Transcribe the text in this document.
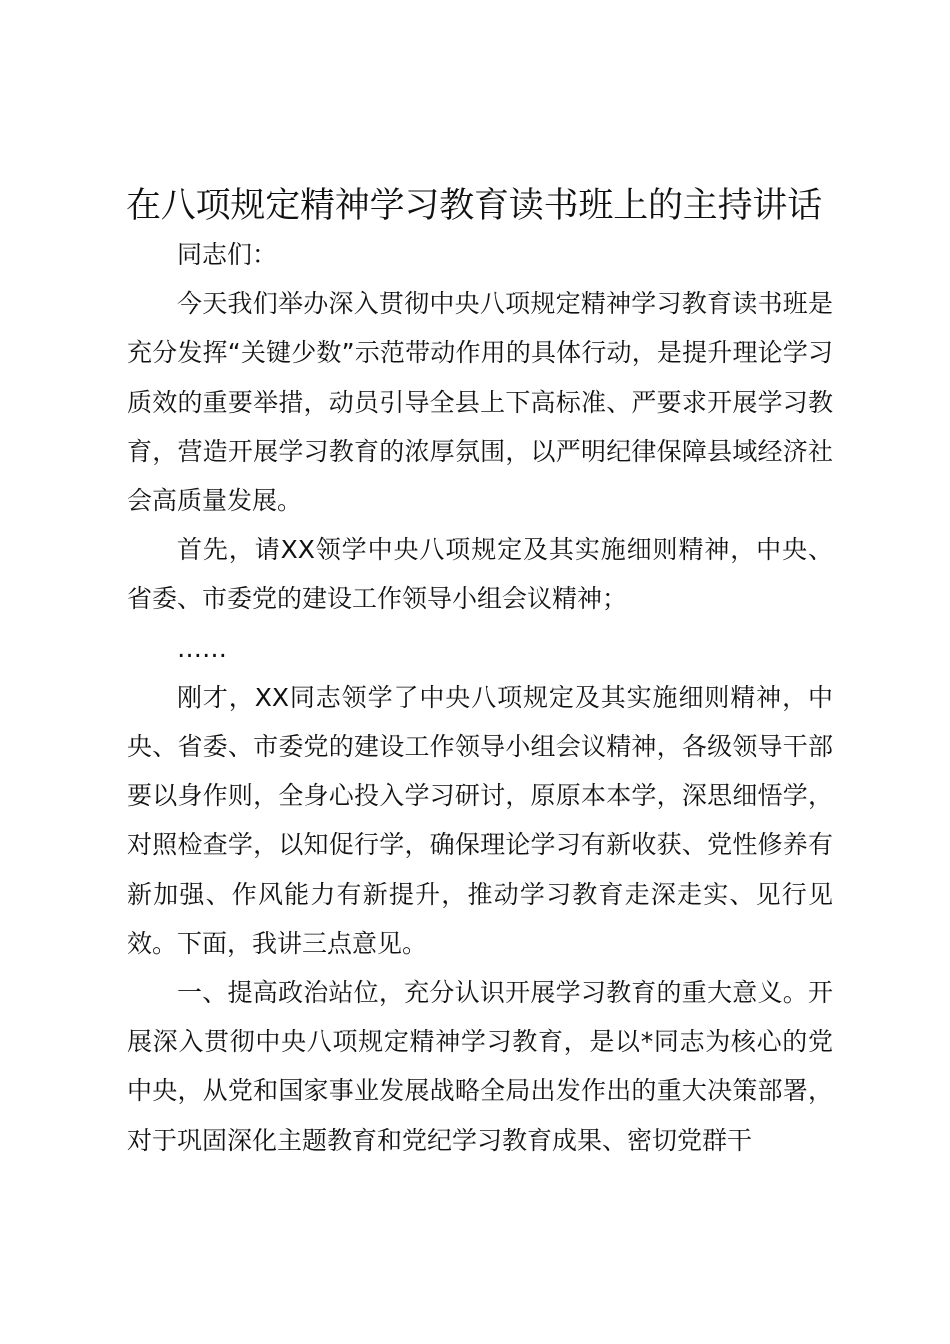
在八项规定精神学习教育读书班上的主持讲话

同志们：

今天我们举办深入贯彻中央八项规定精神学习教育读书班是充分发挥“关键少数”示范带动作用的具体行动，是提升理论学习质效的重要举措，动员引导全县上下高标准、严要求开展学习教育，营造开展学习教育的浓厚氛围，以严明纪律保障县域经济社会高质量发展。

首先，请XX领学中央八项规定及其实施细则精神，中央、省委、市委党的建设工作领导小组会议精神；

……

刚才，XX同志领学了中央八项规定及其实施细则精神，中央、省委、市委党的建设工作领导小组会议精神，各级领导干部要以身作则，全身心投入学习研讨，原原本本学，深思细悟学，对照检查学，以知促行学，确保理论学习有新收获、党性修养有新加强、作风能力有新提升，推动学习教育走深走实、见行见效。下面，我讲三点意见。

一、提高政治站位，充分认识开展学习教育的重大意义。开展深入贯彻中央八项规定精神学习教育，是以*同志为核心的党中央，从党和国家事业发展战略全局出发作出的重大决策部署，对于巩固深化主题教育和党纪学习教育成果、密切党群干
